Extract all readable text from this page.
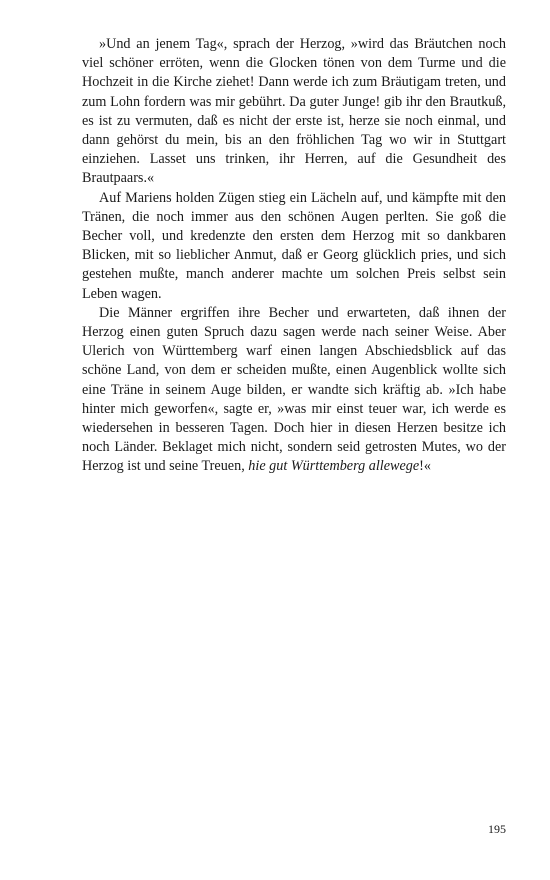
»Und an jenem Tag«, sprach der Herzog, »wird das Bräutchen noch viel schöner erröten, wenn die Glocken tönen von dem Turme und die Hochzeit in die Kirche ziehet! Dann werde ich zum Bräutigam treten, und zum Lohn fordern was mir gebührt. Da guter Junge! gib ihr den Brautkuß, es ist zu vermuten, daß es nicht der erste ist, herze sie noch einmal, und dann gehörst du mein, bis an den fröhlichen Tag wo wir in Stuttgart einziehen. Lasset uns trinken, ihr Herren, auf die Gesundheit des Brautpaars.«

Auf Mariens holden Zügen stieg ein Lächeln auf, und kämpfte mit den Tränen, die noch immer aus den schönen Augen perlten. Sie goß die Becher voll, und kredenzte den ersten dem Herzog mit so dankbaren Blicken, mit so lieblicher Anmut, daß er Georg glücklich pries, und sich gestehen mußte, manch anderer machte um solchen Preis selbst sein Leben wagen.

Die Männer ergriffen ihre Becher und erwarteten, daß ihnen der Herzog einen guten Spruch dazu sagen werde nach seiner Weise. Aber Ulerich von Württemberg warf einen langen Abschiedsblick auf das schöne Land, von dem er scheiden mußte, einen Augenblick wollte sich eine Träne in seinem Auge bilden, er wandte sich kräftig ab. »Ich habe hinter mich geworfen«, sagte er, »was mir einst teuer war, ich werde es wiedersehen in besseren Tagen. Doch hier in diesen Herzen besitze ich noch Länder. Beklaget mich nicht, sondern seid getrosten Mutes, wo der Herzog ist und seine Treuen, hie gut Württemberg allewege!«

195
